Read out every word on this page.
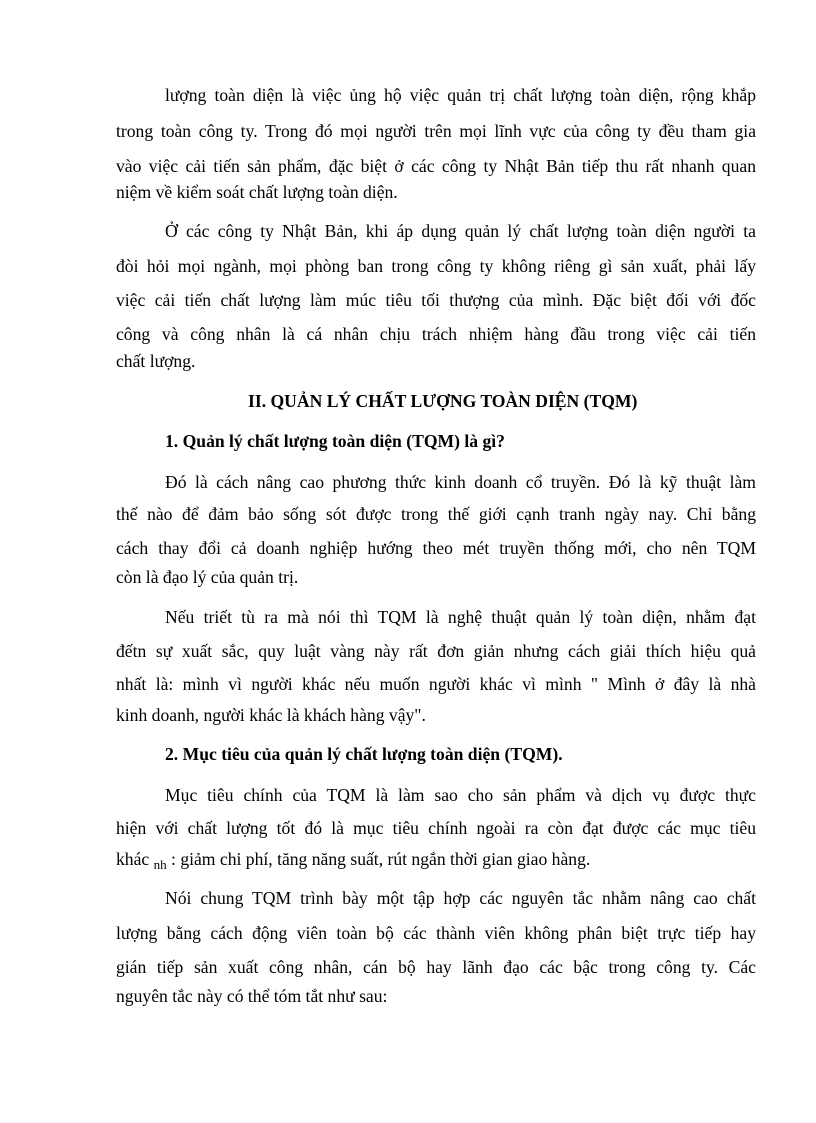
lượng toàn diện là việc ủng hộ việc quản trị chất lượng toàn diện, rộng khắp
trong toàn công ty. Trong đó mọi người trên mọi lĩnh vực của công ty đều tham gia
vào việc cải tiến sản phẩm, đặc biệt ở các công ty Nhật Bản tiếp thu rất nhanh quan
niệm về kiểm soát chất lượng toàn diện.
Ở các công ty Nhật Bản, khi áp dụng quản lý chất lượng toàn diện người ta
đòi hỏi mọi ngành, mọi phòng ban trong công ty không riêng gì sản xuất, phải lấy
việc cải tiến chất lượng làm múc tiêu tối thượng của mình. Đặc biệt đối với đốc
công và công nhân là cá nhân chịu trách nhiệm hàng đầu trong việc cải tiến
chất lượng.
II. QUẢN LÝ CHẤT LƯỢNG TOÀN DIỆN (TQM)
1. Quản lý chất lượng toàn diện (TQM) là gì?
Đó là cách nâng cao phương thức kinh doanh cổ truyền. Đó là kỹ thuật làm
thế nào để đảm bảo sống sót được trong thế giới cạnh tranh ngày nay. Chỉ bằng
cách thay đổi cả doanh nghiệp hướng theo mét truyền thống mới, cho nên TQM
còn là đạo lý của quản trị.
Nếu triết tù ra mà nói thì TQM là nghệ thuật quản lý toàn diện, nhằm đạt
đếtn sự xuất sắc, quy luật vàng này rất đơn giản nhưng cách giải thích hiệu quả
nhất là: mình vì người khác nếu muốn người khác vì mình " Mình ở đây là nhà
kinh doanh, người khác là khách hàng vậy".
2. Mục tiêu của quản lý chất lượng toàn diện (TQM).
Mục tiêu chính của TQM là làm sao cho sản phẩm và dịch vụ được thực
hiện với chất lượng tốt đó là mục tiêu chính ngoài ra còn đạt được các mục tiêu
khác $_{nh}$ : giảm chi phí, tăng năng suất, rút ngắn thời gian giao hàng.
Nói chung TQM trình bày một tập hợp các nguyên tắc nhằm nâng cao chất
lượng bằng cách động viên toàn bộ các thành viên không phân biệt trực tiếp hay
gián tiếp sản xuất công nhân, cán bộ hay lãnh đạo các bậc trong công ty. Các
nguyên tắc này có thể tóm tắt như sau:
